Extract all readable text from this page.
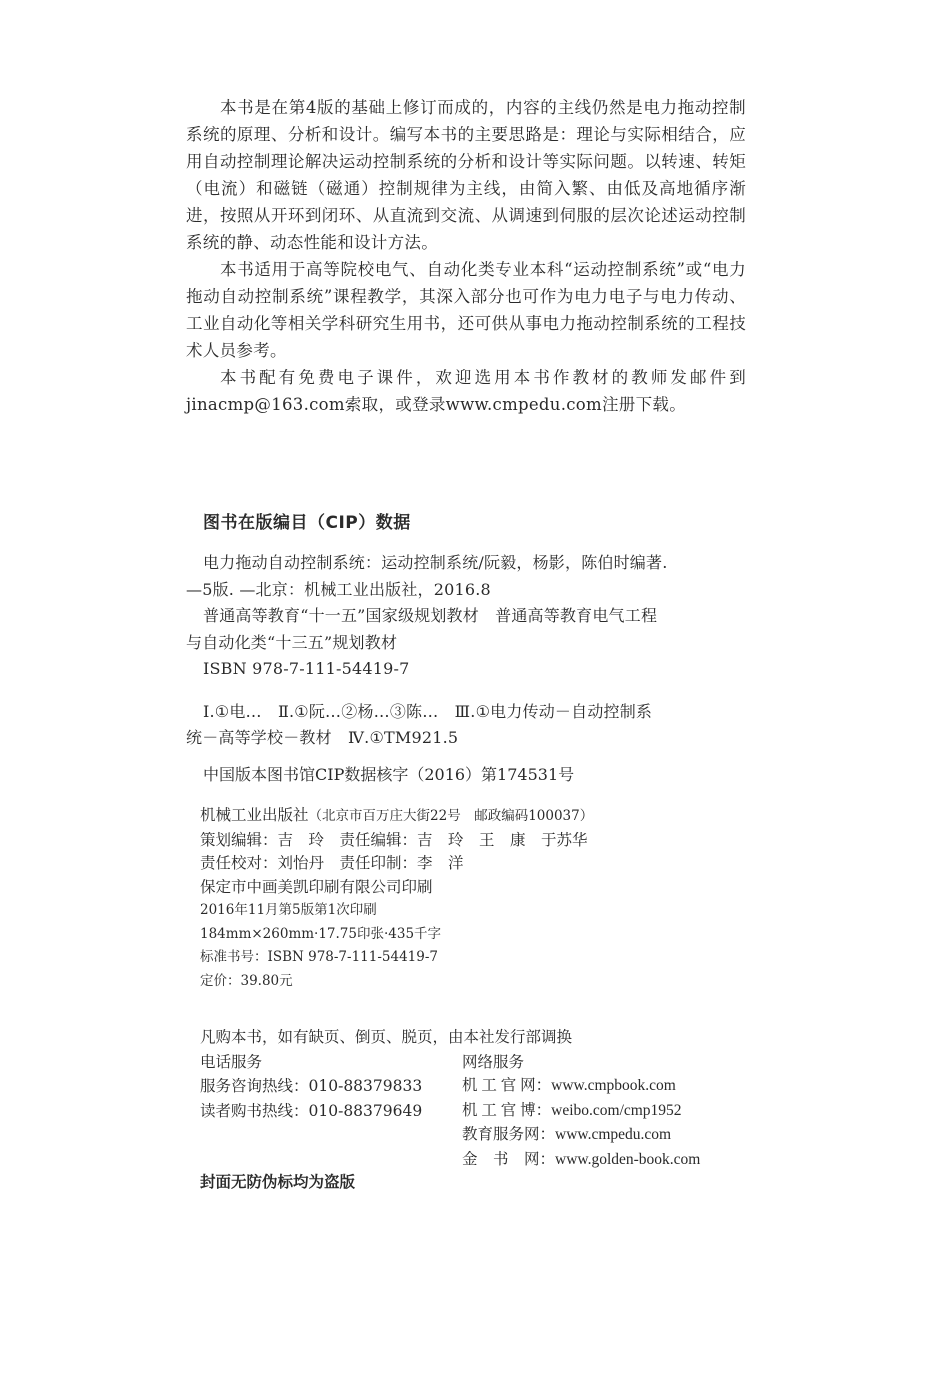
本书是在第4版的基础上修订而成的，内容的主线仍然是电力拖动控制系统的原理、分析和设计。编写本书的主要思路是：理论与实际相结合，应用自动控制理论解决运动控制系统的分析和设计等实际问题。以转速、转矩（电流）和磁链（磁通）控制规律为主线，由简入繁、由低及高地循序渐进，按照从开环到闭环、从直流到交流、从调速到伺服的层次论述运动控制系统的静、动态性能和设计方法。

本书适用于高等院校电气、自动化类专业本科“运动控制系统”或“电力拖动自动控制系统”课程教学，其深入部分也可作为电力电子与电力传动、工业自动化等相关学科研究生用书，还可供从事电力拖动控制系统的工程技术人员参考。

本书配有免费电子课件，欢迎选用本书作教材的教师发邮件到jinacmp@163.com索取，或登录www.cmpedu.com注册下载。

图书在版编目（CIP）数据
电力拖动自动控制系统：运动控制系统/阮毅，杨影，陈伯时编著.
—5版. —北京：机械工业出版社，2016.8
普通高等教育“十一五”国家级规划教材　普通高等教育电气工程
与自动化类“十三五”规划教材
ISBN 978-7-111-54419-7
Ⅰ.①电…　Ⅱ.①阮…②杨…③陈…　Ⅲ.①电力传动－自动控制系
统－高等学校－教材　Ⅳ.①TM921.5
中国版本图书馆CIP数据核字（2016）第174531号
机械工业出版社（北京市百万庄大街22号　邮政编码100037）
策划编辑：吉　玲　责任编辑：吉　玲　王　康　于苏华
责任校对：刘怡丹　责任印制：李　洋
保定市中画美凯印刷有限公司印刷
2016年11月第5版第1次印刷
184mm×260mm·17.75印张·435千字
标准书号：ISBN 978-7-111-54419-7
定价：39.80元
凡购本书，如有缺页、倒页、脱页，由本社发行部调换
电话服务
服务咨询热线：010-88379833
读者购书热线：010-88379649
网络服务
机 工 官 网：www.cmpbook.com
机 工 官 博：weibo.com/cmp1952
教育服务网：www.cmpedu.com
金　书　网：www.golden-book.com
封面无防伪标均为盗版
